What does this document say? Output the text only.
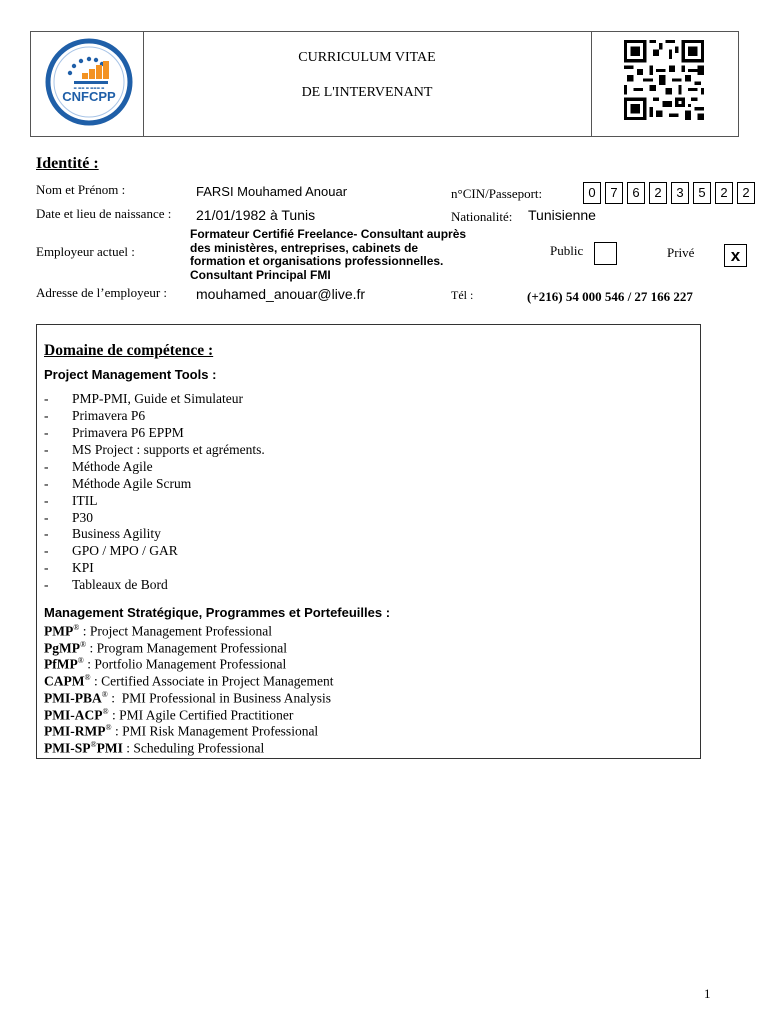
▬ ▬▬ ▬ ▬▬▬ ▬
CNFCPP
CURRICULUM VITAE
DE L'INTERVENANT
Identité :
Nom et Prénom :	FARSI Mouhamed Anouar	n°CIN/Passeport:	0	7	6	2	3	5	2	2
Date et lieu de naissance : 21/01/1982 à Tunis	Nationalité: Tunisienne
Employeur actuel :
Formateur Certifié Freelance- Consultant auprès
des ministères, entreprises, cabinets de
formation et organisations professionnelles.
Consultant Principal FMI
Public	Privé	x
Adresse de l’employeur : mouhamed_anouar@live.fr	Tél :	(+216) 54 000 546 / 27 166 227
Domaine de compétence :
Project Management Tools :
- PMP-PMI, Guide et Simulateur
- Primavera P6
- Primavera P6 EPPM
- MS Project : supports et agréments.
- Méthode Agile
- Méthode Agile Scrum
- ITIL
- P30
- Business Agility
- GPO / MPO / GAR
- KPI
- Tableaux de Bord
Management Stratégique, Programmes et Portefeuilles :
PMP® : Project Management Professional
PgMP® : Program Management Professional
PfMP® : Portfolio Management Professional
CAPM® : Certified Associate in Project Management
PMI-PBA® :  PMI Professional in Business Analysis
PMI-ACP® : PMI Agile Certified Practitioner
PMI-RMP® : PMI Risk Management Professional
PMI-SP®PMI : Scheduling Professional
1
